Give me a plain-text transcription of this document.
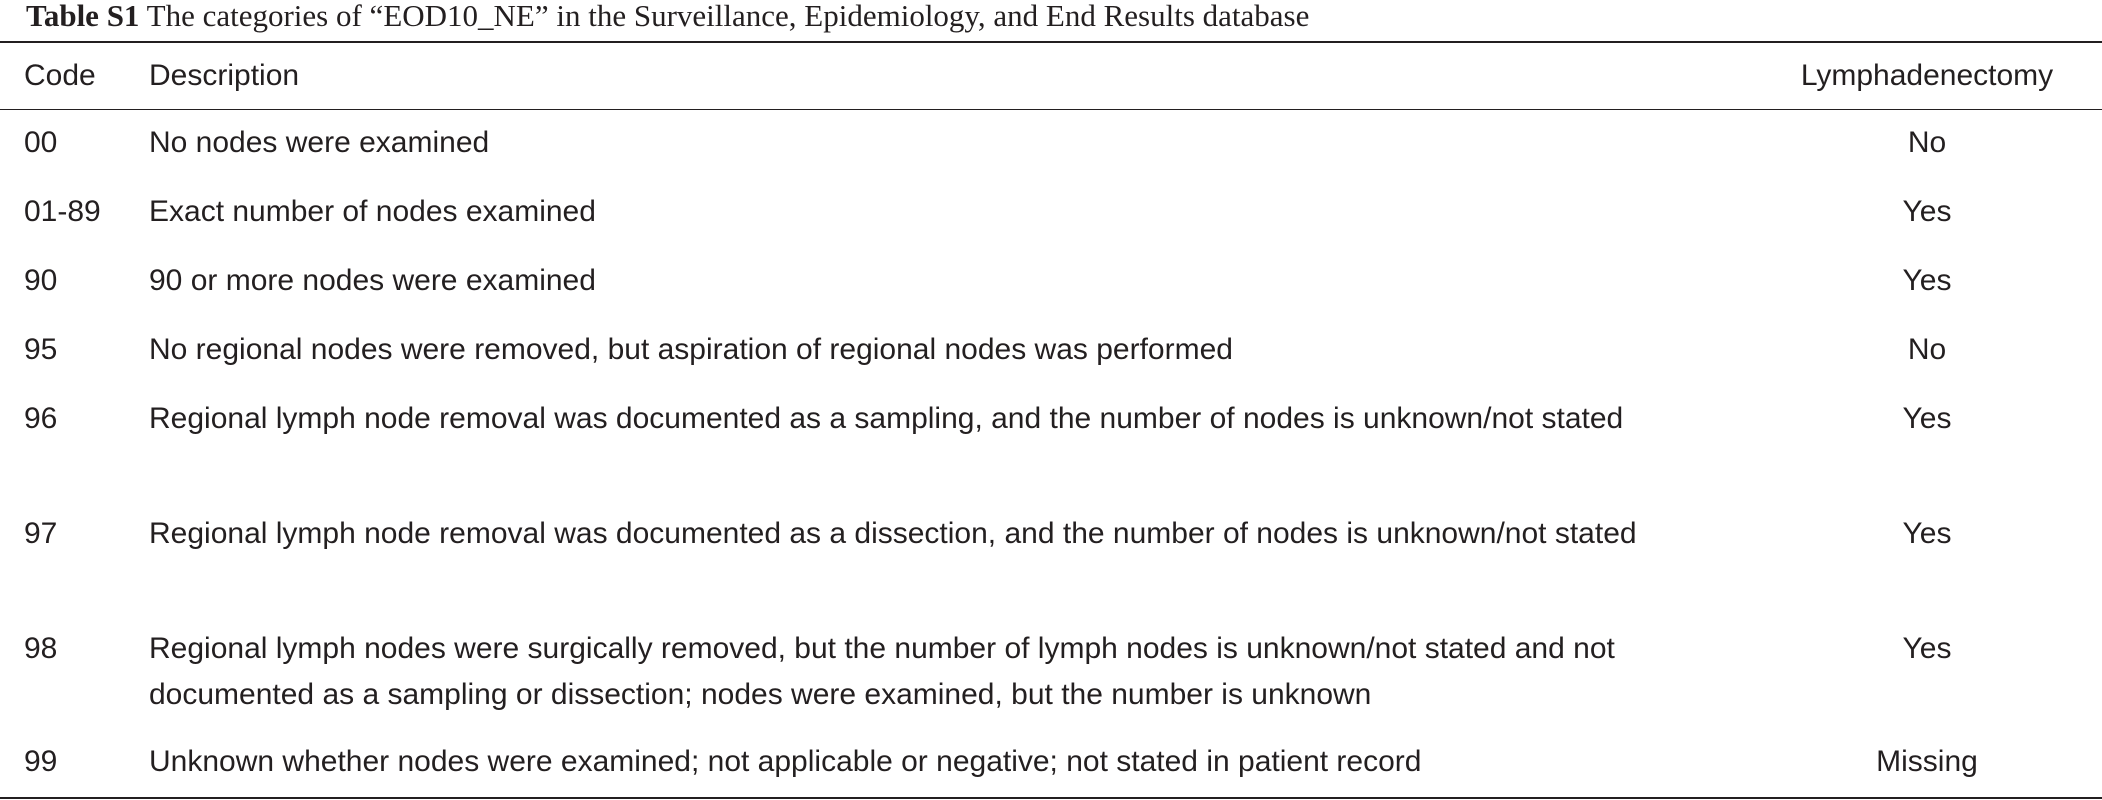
Table S1 The categories of “EOD10_NE” in the Surveillance, Epidemiology, and End Results database
Code	Description	Lymphadenectomy
00	No nodes were examined	No
01-89	Exact number of nodes examined	Yes
90	90 or more nodes were examined	Yes
95	No regional nodes were removed, but aspiration of regional nodes was performed	No
96	Regional lymph node removal was documented as a sampling, and the number of nodes is unknown/not stated	Yes
97	Regional lymph node removal was documented as a dissection, and the number of nodes is unknown/not stated	Yes
98	Regional lymph nodes were surgically removed, but the number of lymph nodes is unknown/not stated and not documented as a sampling or dissection; nodes were examined, but the number is unknown	Yes
99	Unknown whether nodes were examined; not applicable or negative; not stated in patient record	Missing
